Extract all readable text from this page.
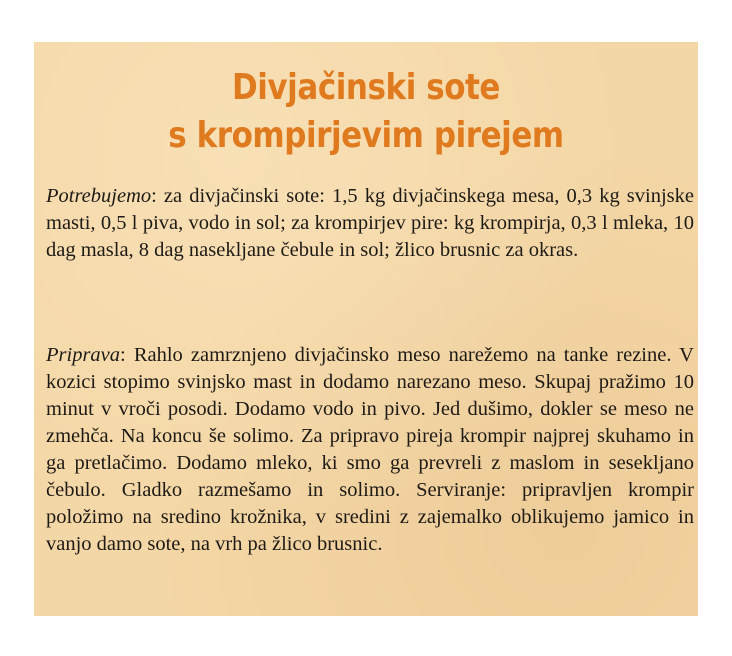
Divjačinski sote
s krompirjevim pirejem

Potrebujemo: za divjačinski sote: 1,5 kg divjačinskega mesa, 0,3 kg svinjske masti, 0,5 l piva, vodo in sol; za krompirjev pire: kg krompirja, 0,3 l mleka, 10 dag masla, 8 dag nasekljane čebule in sol; žlico brusnic za okras.

Priprava: Rahlo zamrznjeno divjačinsko meso narežemo na tanke rezine. V kozici stopimo svinjsko mast in dodamo narezano meso. Skupaj pražimo 10 minut v vroči posodi. Dodamo vodo in pivo. Jed dušimo, dokler se meso ne zmehča. Na koncu še solimo. Za pripravo pireja krompir najprej skuhamo in ga pretlačimo. Dodamo mleko, ki smo ga prevreli z maslom in sesekljano čebulo. Gladko razmešamo in solimo. Serviranje: pripravljen krompir položimo na sredino krožnika, v sredini z zajemalko oblikujemo jamico in vanjo damo sote, na vrh pa žlico brusnic.
